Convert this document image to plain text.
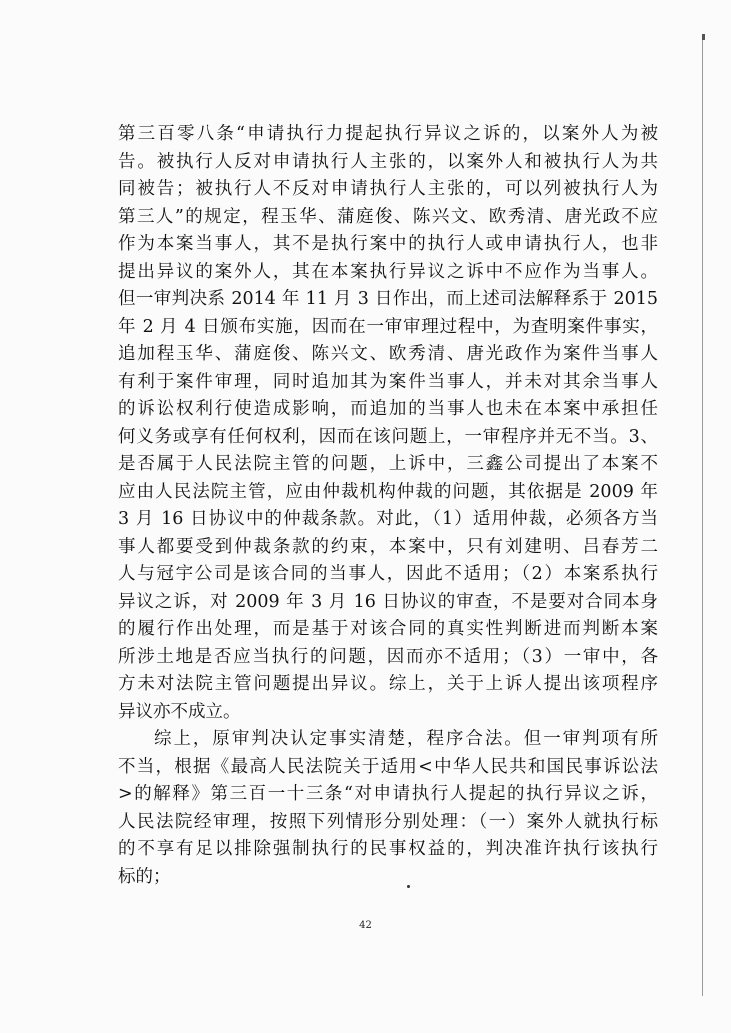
第三百零八条“申请执行力提起执行异议之诉的，以案外人为被
告。被执行人反对申请执行人主张的，以案外人和被执行人为共
同被告；被执行人不反对申请执行人主张的，可以列被执行人为
第三人”的规定，程玉华、蒲庭俊、陈兴文、欧秀清、唐光政不应
作为本案当事人，其不是执行案中的执行人或申请执行人，也非
提出异议的案外人，其在本案执行异议之诉中不应作为当事人。
但一审判决系 2014 年 11 月 3 日作出，而上述司法解释系于 2015
年 2 月 4 日颁布实施，因而在一审审理过程中，为查明案件事实，
追加程玉华、蒲庭俊、陈兴文、欧秀清、唐光政作为案件当事人
有利于案件审理，同时追加其为案件当事人，并未对其余当事人
的诉讼权利行使造成影响，而追加的当事人也未在本案中承担任
何义务或享有任何权利，因而在该问题上，一审程序并无不当。3、
是否属于人民法院主管的问题，上诉中，三鑫公司提出了本案不
应由人民法院主管，应由仲裁机构仲裁的问题，其依据是 2009 年
3 月 16 日协议中的仲裁条款。对此，（1）适用仲裁，必须各方当
事人都要受到仲裁条款的约束，本案中，只有刘建明、吕春芳二
人与冠宇公司是该合同的当事人，因此不适用；（2）本案系执行
异议之诉，对 2009 年 3 月 16 日协议的审查，不是要对合同本身
的履行作出处理，而是基于对该合同的真实性判断进而判断本案
所涉土地是否应当执行的问题，因而亦不适用；（3）一审中，各
方未对法院主管问题提出异议。综上，关于上诉人提出该项程序
异议亦不成立。
综上，原审判决认定事实清楚，程序合法。但一审判项有所
不当，根据《最高人民法院关于适用<中华人民共和国民事诉讼法
>的解释》第三百一十三条“对申请执行人提起的执行异议之诉，
人民法院经审理，按照下列情形分别处理：（一）案外人就执行标
的不享有足以排除强制执行的民事权益的，判决准许执行该执行
标的；
42
